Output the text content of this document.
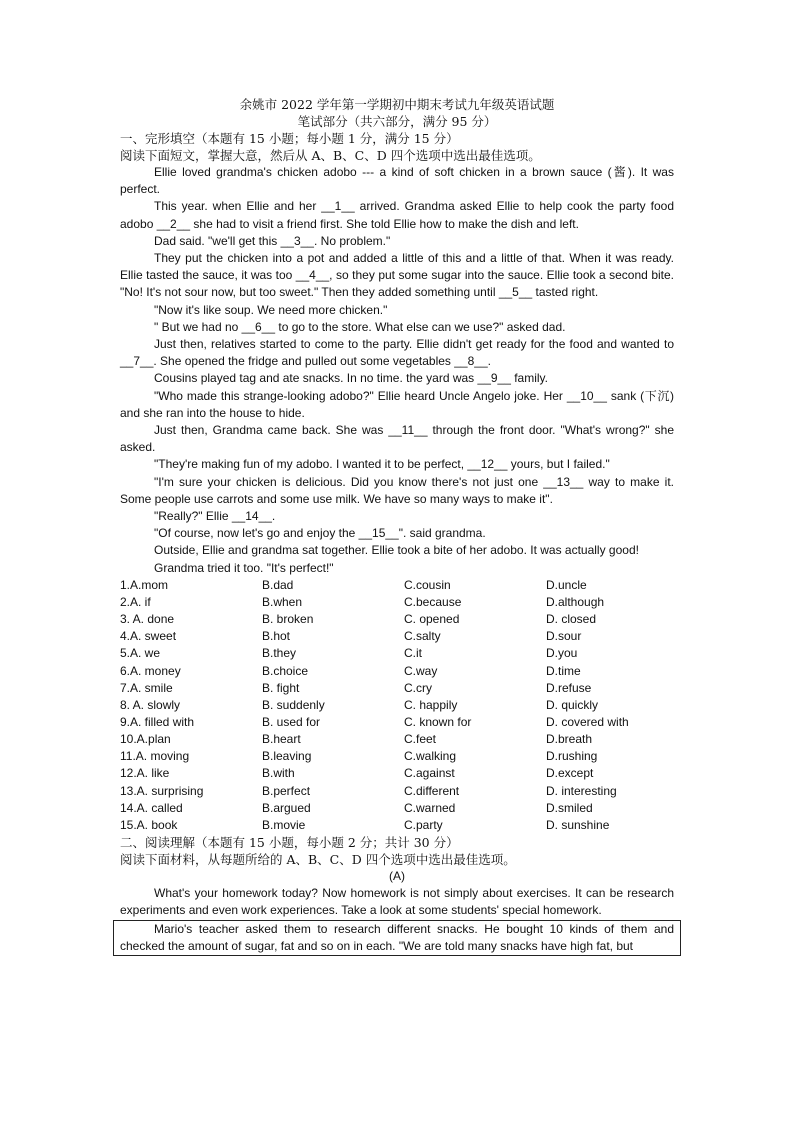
余姚市 2022 学年第一学期初中期末考试九年级英语试题
笔试部分（共六部分，满分 95 分）
一、完形填空（本题有 15 小题；每小题 1 分，满分 15 分）
阅读下面短文，掌握大意，然后从 A、B、C、D 四个选项中选出最佳选项。
Ellie loved grandma's chicken adobo --- a kind of soft chicken in a brown sauce (酱). It was perfect.
This year. when Ellie and her __1__ arrived. Grandma asked Ellie to help cook the party food adobo __2__ she had to visit a friend first. She told Ellie how to make the dish and left.
Dad said. "we'll get this __3__. No problem."
They put the chicken into a pot and added a little of this and a little of that. When it was ready. Ellie tasted the sauce, it was too __4__, so they put some sugar into the sauce. Ellie took a second bite. "No! It's not sour now, but too sweet." Then they added something until __5__ tasted right.
"Now it's like soup. We need more chicken."
" But we had no __6__ to go to the store. What else can we use?" asked dad.
Just then, relatives started to come to the party. Ellie didn't get ready for the food and wanted to __7__. She opened the fridge and pulled out some vegetables __8__.
Cousins played tag and ate snacks. In no time. the yard was __9__ family.
"Who made this strange-looking adobo?" Ellie heard Uncle Angelo joke. Her __10__ sank (下沉) and she ran into the house to hide.
Just then, Grandma came back. She was __11__ through the front door. "What's wrong?" she asked.
"They're making fun of my adobo. I wanted it to be perfect, __12__ yours, but I failed."
"I'm sure your chicken is delicious. Did you know there's not just one __13__ way to make it. Some people use carrots and some use milk. We have so many ways to make it".
"Really?" Ellie __14__.
"Of course, now let's go and enjoy the __15__". said grandma.
Outside, Ellie and grandma sat together. Ellie took a bite of her adobo. It was actually good!
Grandma tried it too. "It's perfect!"
1.A.mom	B.dad	C.cousin	D.uncle
2.A. if	B.when	C.because	D.although
3. A. done	B. broken	C. opened	D. closed
4.A. sweet	B.hot	C.salty	D.sour
5.A. we	B.they	C.it	D.you
6.A. money	B.choice	C.way	D.time
7.A. smile	B. fight	C.cry	D.refuse
8. A. slowly	B. suddenly	C. happily	D. quickly
9.A. filled with	B. used for	C. known for	D. covered with
10.A.plan	B.heart	C.feet	D.breath
11.A. moving	B.leaving	C.walking	D.rushing
12.A. like	B.with	C.against	D.except
13.A. surprising	B.perfect	C.different	D. interesting
14.A. called	B.argued	C.warned	D.smiled
15.A. book	B.movie	C.party	D. sunshine
二、阅读理解（本题有 15 小题，每小题 2 分；共计 30 分）
阅读下面材料，从每题所给的 A、B、C、D 四个选项中选出最佳选项。
(A)
What's your homework today? Now homework is not simply about exercises. It can be research experiments and even work experiences. Take a look at some students' special homework.
Mario's teacher asked them to research different snacks. He bought 10 kinds of them and checked the amount of sugar, fat and so on in each. "We are told many snacks have high fat, but
